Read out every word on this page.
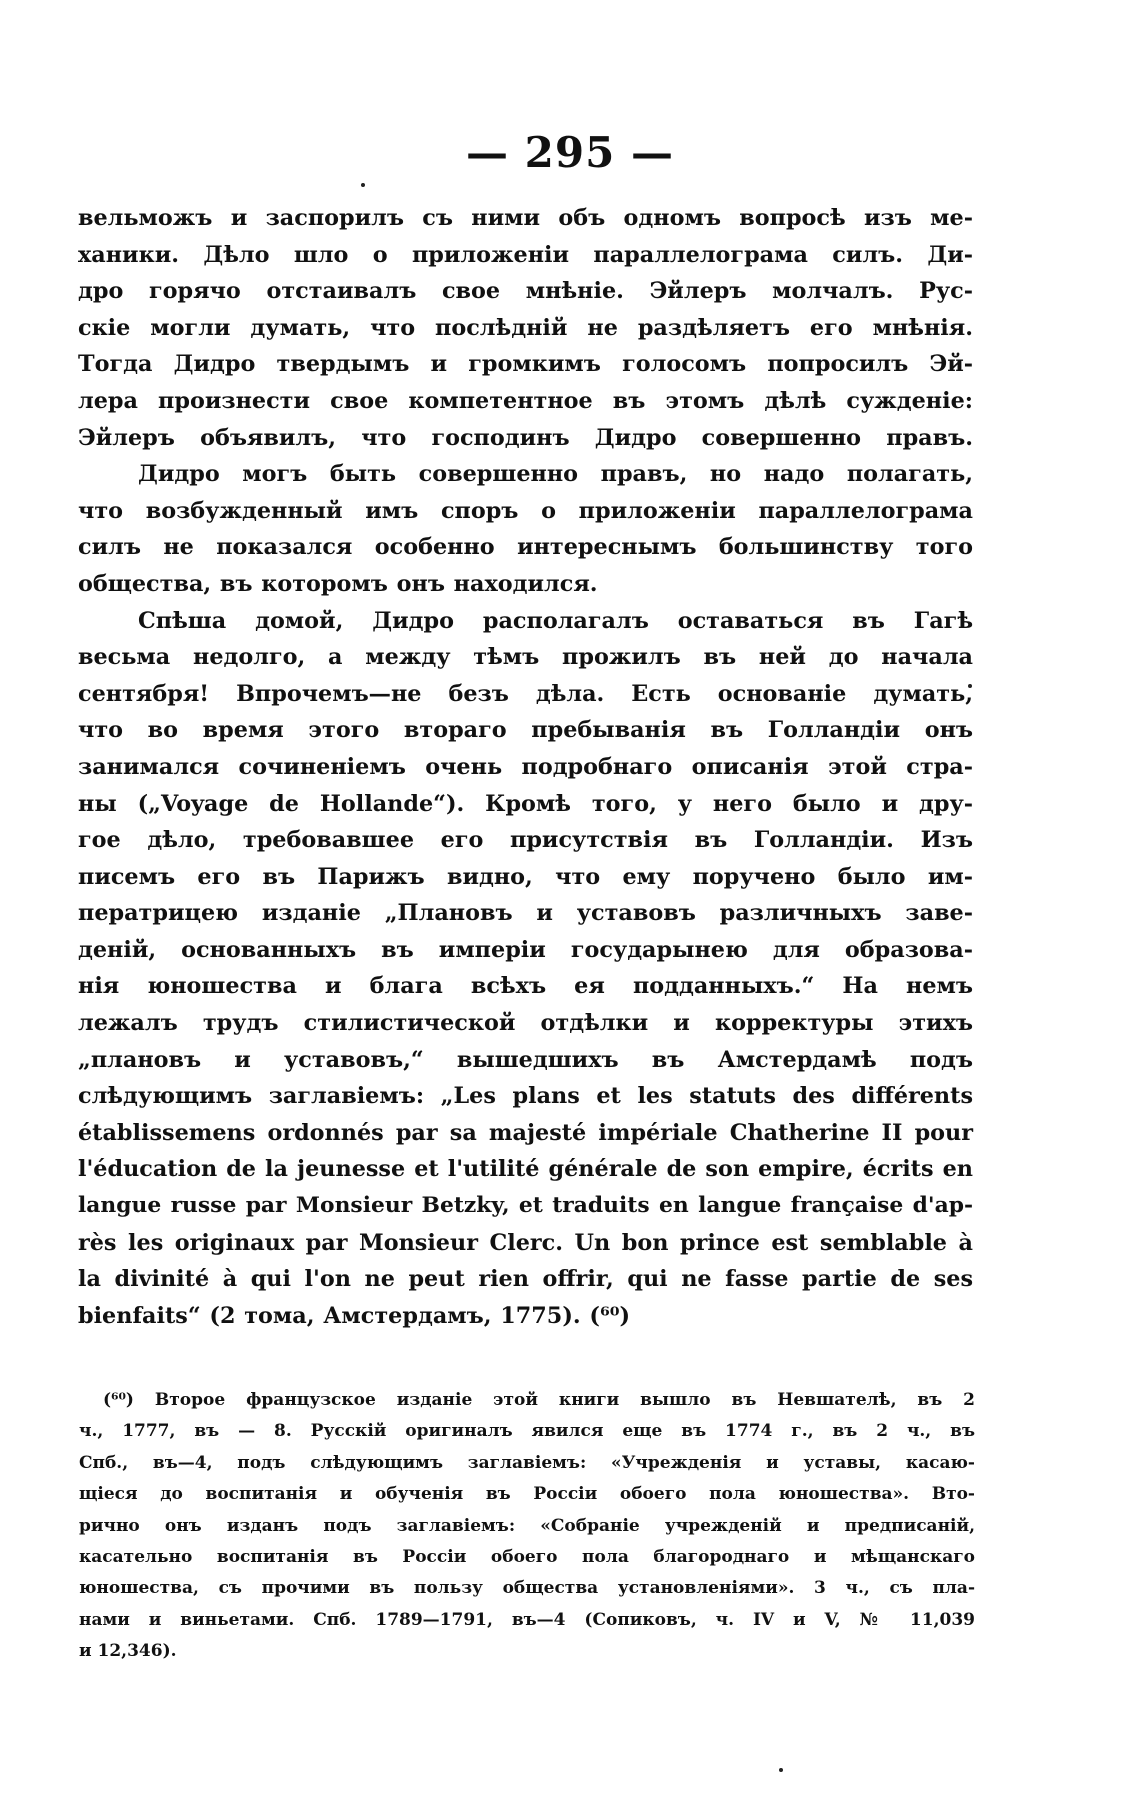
— 295 —

вельможъ и заспорилъ съ ними объ одномъ вопросѣ изъ ме-
ханики. Дѣло шло о приложеніи параллелограма силъ. Ди-
дро горячо отстаивалъ свое мнѣніе. Эйлеръ молчалъ. Рус-
скіе могли думать, что послѣдній не раздѣляетъ его мнѣнія.
Тогда Дидро твердымъ и громкимъ голосомъ попросилъ Эй-
лера произнести свое компетентное въ этомъ дѣлѣ сужденіе:
Эйлеръ объявилъ, что господинъ Дидро совершенно правъ.

Дидро могъ быть совершенно правъ, но надо полагать,
что возбужденный имъ споръ о приложеніи параллелограма
силъ не показался особенно интереснымъ большинству того
общества, въ которомъ онъ находился.

Спѣша домой, Дидро располагалъ оставаться въ Гагѣ
весьма недолго, а между тѣмъ прожилъ въ ней до начала
сентября! Впрочемъ—не безъ дѣла. Есть основаніе думать,
что во время этого втораго пребыванія въ Голландіи онъ
занимался сочиненіемъ очень подробнаго описанія этой стра-
ны („Voyage de Hollande“). Кромѣ того, у него было и дру-
гое дѣло, требовавшее его присутствія въ Голландіи. Изъ
писемъ его въ Парижъ видно, что ему поручено было им-
ператрицею изданіе „Плановъ и уставовъ различныхъ заве-
деній, основанныхъ въ имперіи государынею для образова-
нія юношества и блага всѣхъ ея подданныхъ.“ На немъ
лежалъ трудъ стилистической отдѣлки и корректуры этихъ
„плановъ и уставовъ,“ вышедшихъ въ Амстердамѣ подъ
слѣдующимъ заглавіемъ: „Les plans et les statuts des différents
établissemens ordonnés par sa majesté impériale Chatherine II pour
l'éducation de la jeunesse et l'utilité générale de son empire, écrits en
langue russe par Monsieur Betzky, et traduits en langue française d'ap-
rès les originaux par Monsieur Clerc. Un bon prince est semblable à
la divinité à qui l'on ne peut rien offrir, qui ne fasse partie de ses
bienfaits“ (2 тома, Амстердамъ, 1775). (⁶⁰)

(⁶⁰) Второе французское изданіе этой книги вышло въ Невшателѣ, въ 2
ч., 1777, въ — 8. Русскій оригиналъ явился еще въ 1774 г., въ 2 ч., въ
Спб., въ—4, подъ слѣдующимъ заглавіемъ: «Учрежденія и уставы, касаю-
щіеся до воспитанія и обученія въ Россіи обоего пола юношества». Вто-
рично онъ изданъ подъ заглавіемъ: «Собраніе учрежденій и предписаній,
касательно воспитанія въ Россіи обоего пола благороднаго и мѣщанскаго
юношества, съ прочими въ пользу общества установленіями». 3 ч., съ пла-
нами и виньетами. Спб. 1789—1791, въ—4 (Сопиковъ, ч. IV и V, № 11,039
и 12,346).
